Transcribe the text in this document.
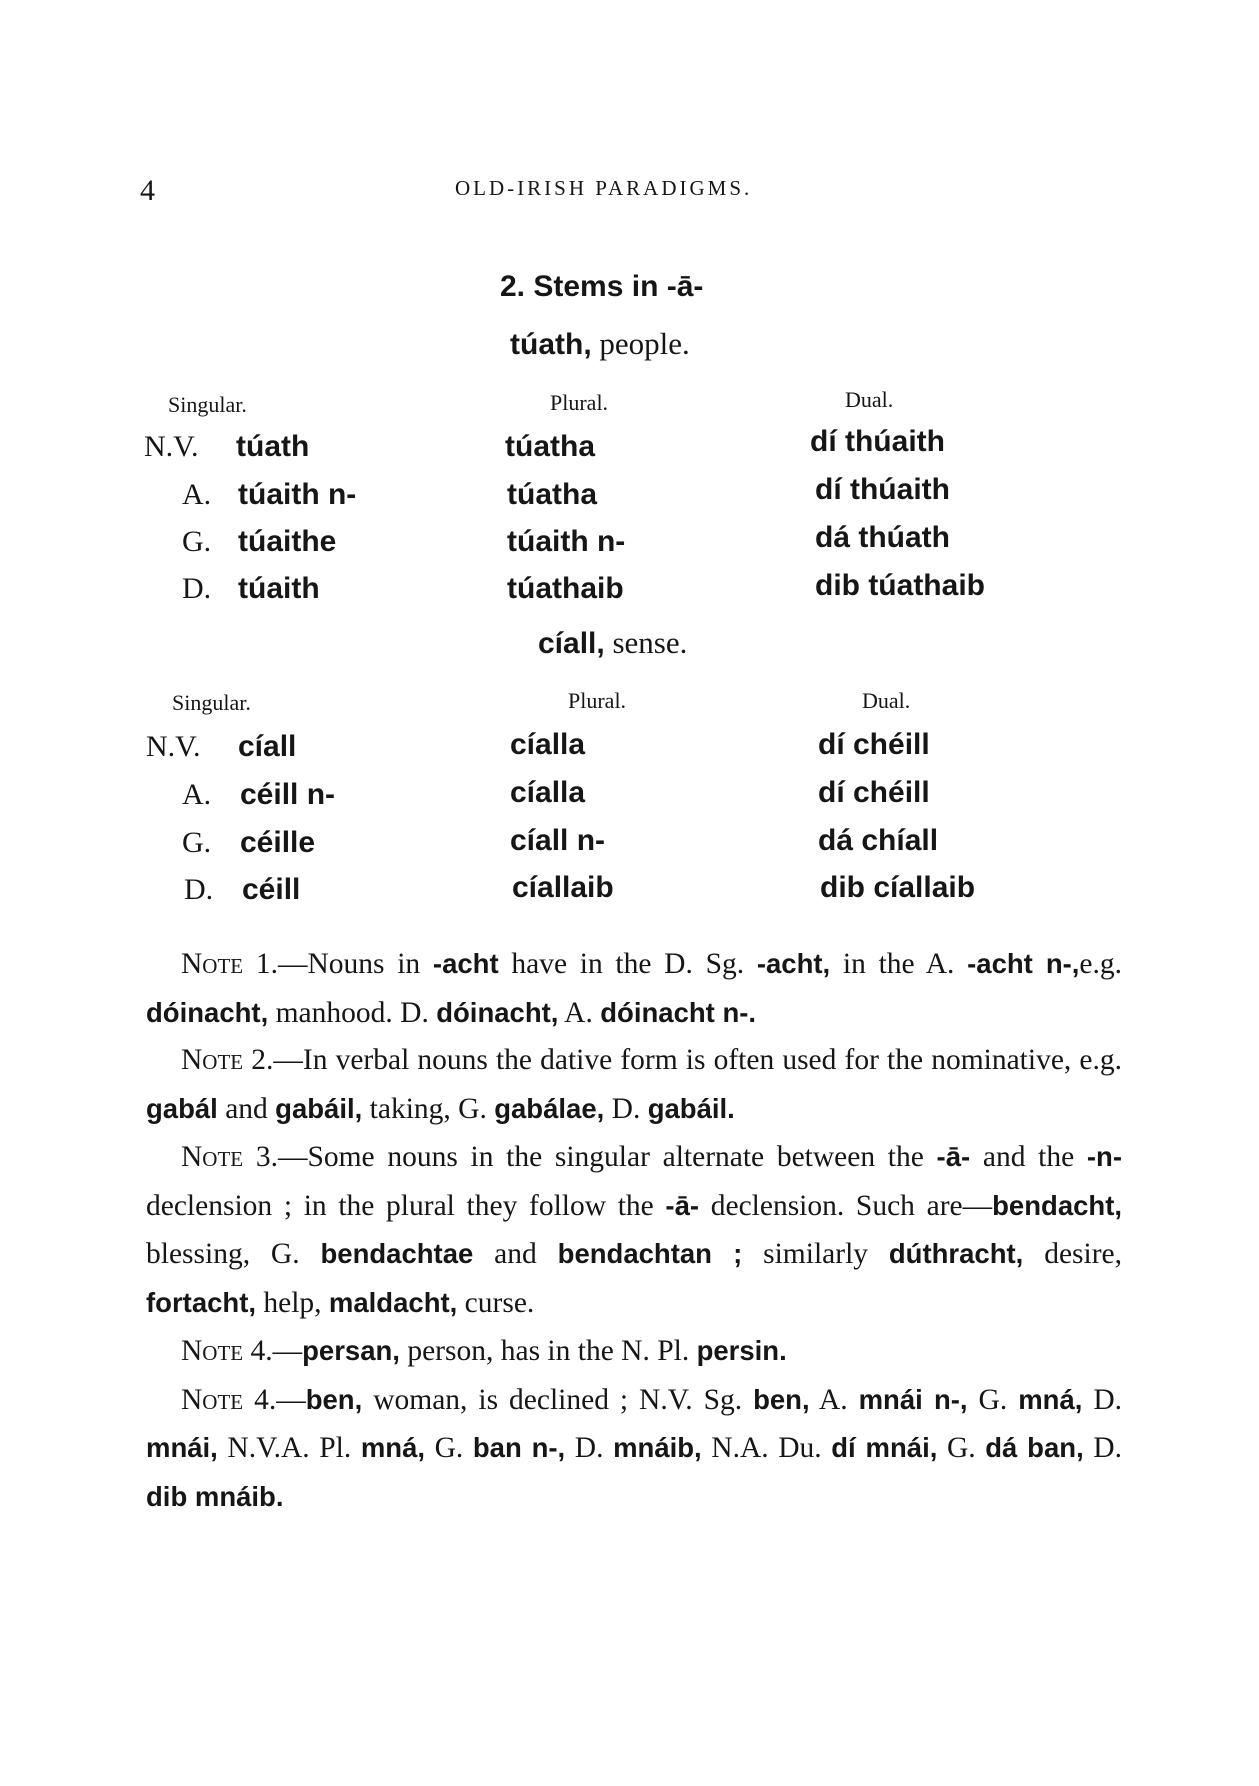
4	OLD-IRISH PARADIGMS.
2. Stems in -ā-
túath, people.
Singular.	Plural.	Dual.
N.V. túath	túatha	dí thúaith
A. túaith n-	túatha	dí thúaith
G. túaithe	túaith n-	dá thúath
D. túaith	túathaib	dib túathaib
cíall, sense.
Singular.	Plural.	Dual.
N.V. cíall	cíalla	dí chéill
A. céill n-	cíalla	dí chéill
G. céille	cíall n-	dá chíall
D. céill	cíallaib	dib cíallaib

Note 1.—Nouns in -acht have in the D. Sg. -acht, in the A. -acht n-,e.g. dóinacht, manhood. D. dóinacht, A. dóinacht n-.

Note 2.—In verbal nouns the dative form is often used for the nominative, e.g. gabál and gabáil, taking, G. gabálae, D. gabáil.

Note 3.—Some nouns in the singular alternate between the -ā- and the -n- declension ; in the plural they follow the -ā- declension. Such are—bendacht, blessing, G. bendachtae and bendachtan ; similarly dúthracht, desire, fortacht, help, maldacht, curse.

Note 4.—persan, person, has in the N. Pl. persin.

Note 4.—ben, woman, is declined ; N.V. Sg. ben, A. mnái n-, G. mná, D. mnái, N.V.A. Pl. mná, G. ban n-, D. mnáib, N.A. Du. dí mnái, G. dá ban, D. dib mnáib.
